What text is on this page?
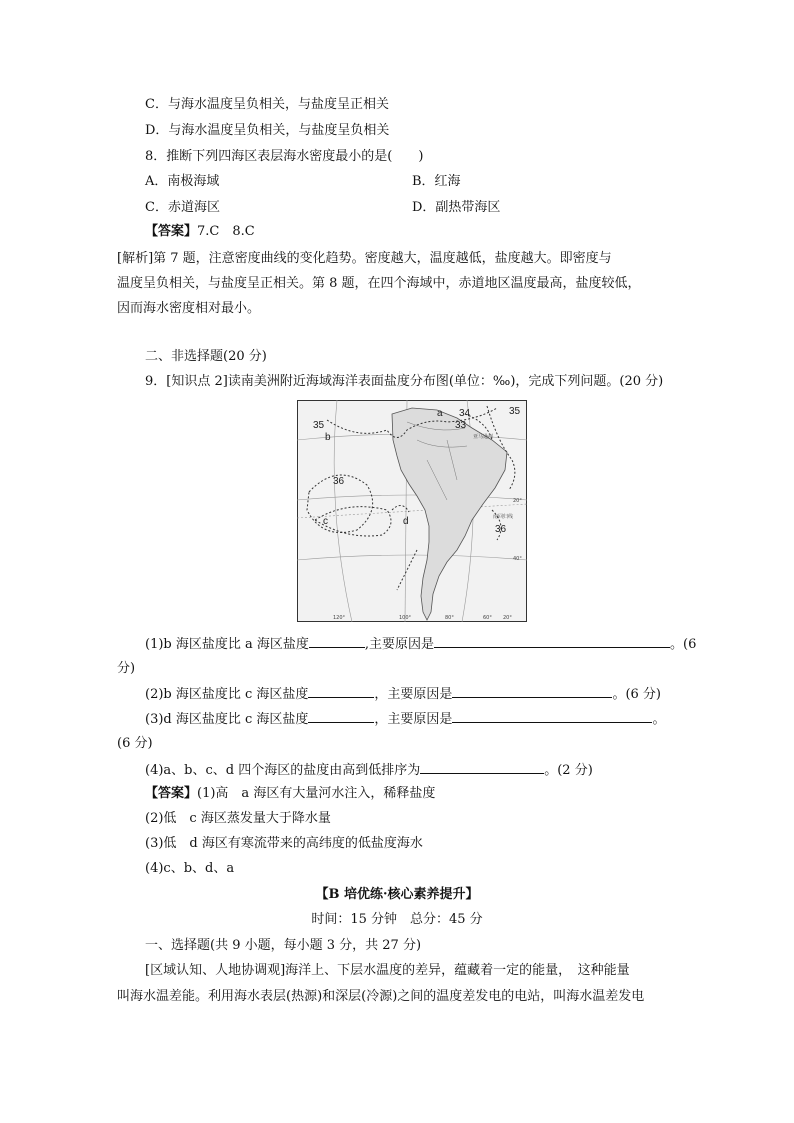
C．与海水温度呈负相关，与盐度呈正相关
D．与海水温度呈负相关，与盐度呈负相关
8．推断下列四海区表层海水密度最小的是(　　)
A．南极海域	B．红海
C．赤道海区	D．副热带海区
【答案】7.C　8.C
[解析]第 7 题，注意密度曲线的变化趋势。密度越大，温度越低，盐度越大。即密度与
温度呈负相关，与盐度呈正相关。第 8 题，在四个海域中，赤道地区温度最高，盐度较低，
因而海水密度相对最小。
二、非选择题(20 分)
9．[知识点 2]读南美洲附近海域海洋表面盐度分布图(单位：‰)，完成下列问题。(20 分)
35
b
36
c	d
a 34
33
35
36
亚马逊河
南回归线
20°
40°
120°	100°	80°	60° 20°
(1)b 海区盐度比 a 海区盐度	,主要原因是	。(6
分)
(2)b 海区盐度比 c 海区盐度	，主要原因是	。(6 分)
(3)d 海区盐度比 c 海区盐度	，主要原因是	。
(6 分)
(4)a、b、c、d 四个海区的盐度由高到低排序为	。(2 分)
【答案】(1)高　a 海区有大量河水注入，稀释盐度
(2)低　c 海区蒸发量大于降水量
(3)低　d 海区有寒流带来的高纬度的低盐度海水
(4)c、b、d、a
【B 培优练·核心素养提升】
时间：15 分钟　总分：45 分
一、选择题(共 9 小题，每小题 3 分，共 27 分)
[区域认知、人地协调观]海洋上、下层水温度的差异，蕴藏着一定的能量，　这种能量
叫海水温差能。利用海水表层(热源)和深层(冷源)之间的温度差发电的电站，叫海水温差发电
